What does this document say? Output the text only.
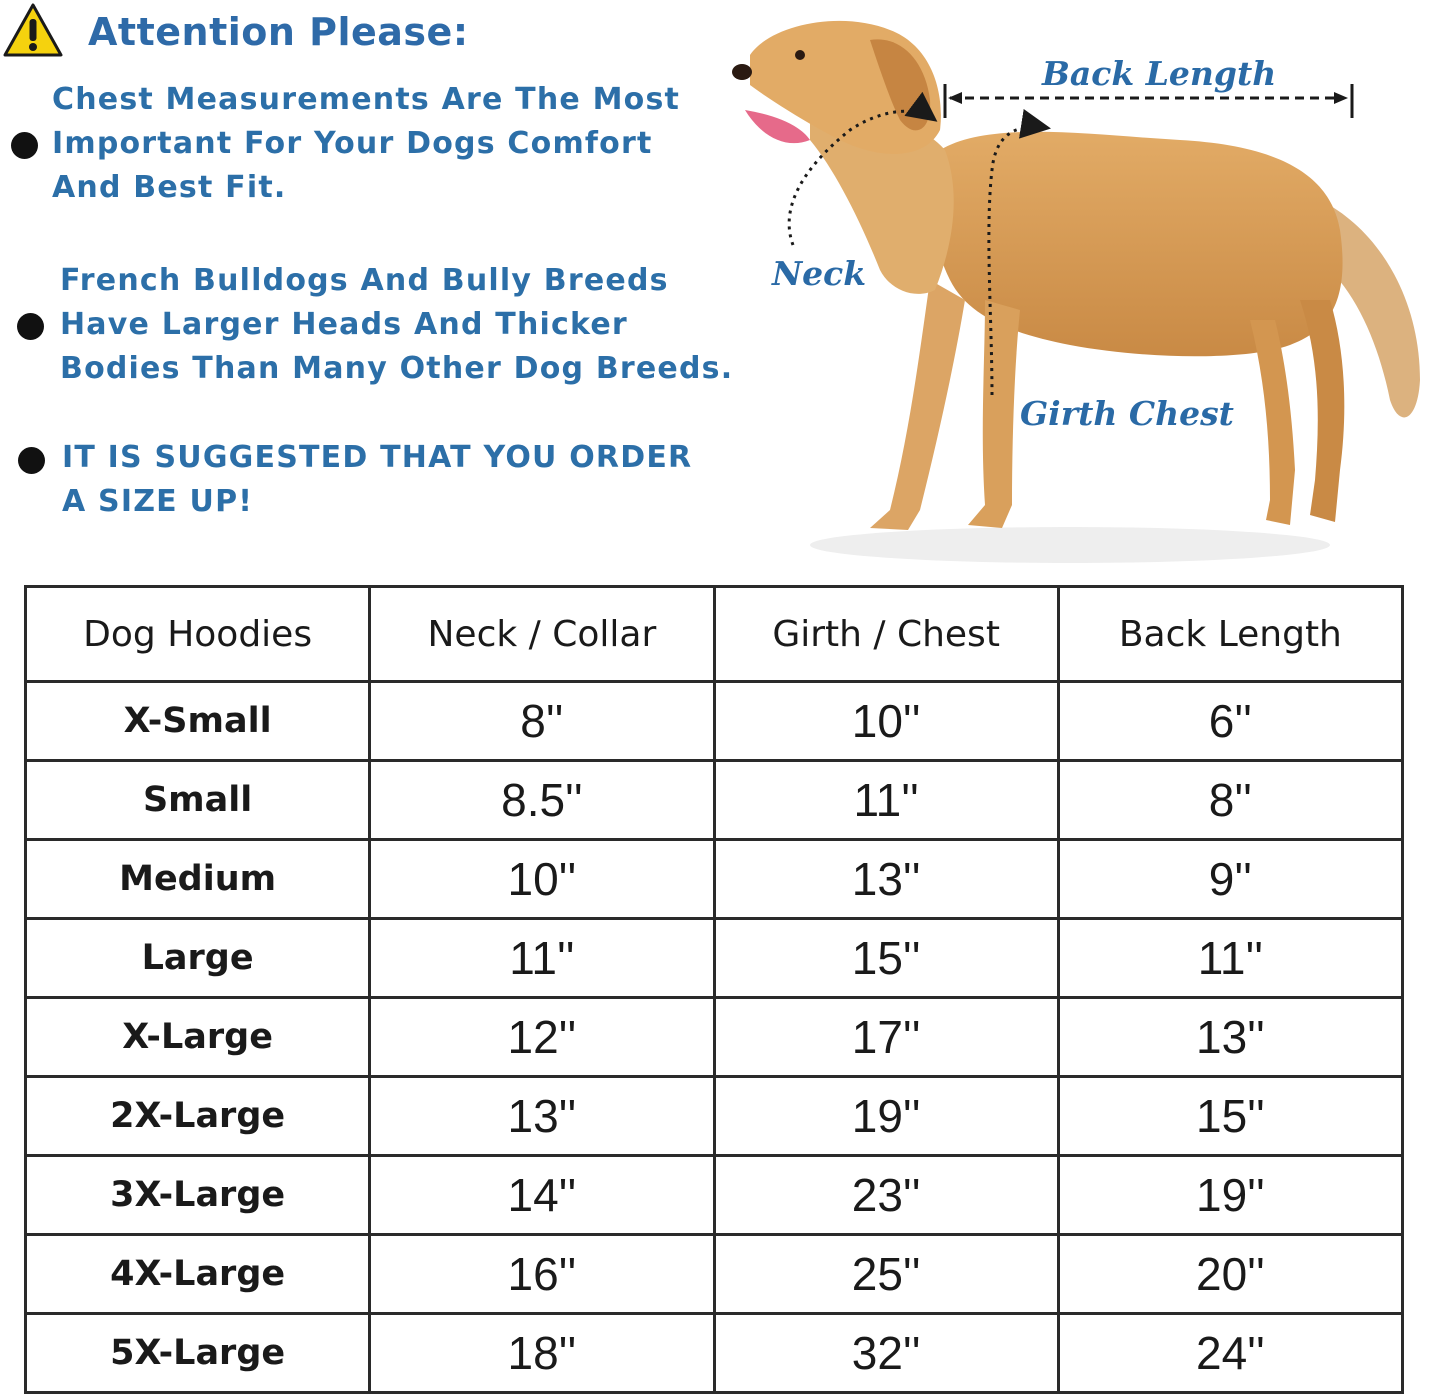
Attention Please:
Chest Measurements Are The Most
Important For Your Dogs Comfort
And Best Fit.
French Bulldogs And Bully Breeds
Have Larger Heads And Thicker
Bodies Than Many Other Dog Breeds.
IT IS SUGGESTED THAT YOU ORDER
A SIZE UP!
Back Length
Neck
Girth Chest
Dog Hoodies	Neck / Collar	Girth / Chest	Back Length
X-Small	8''	10''	6''
Small	8.5''	11''	8''
Medium	10''	13''	9''
Large	11''	15''	11''
X-Large	12''	17''	13''
2X-Large	13''	19''	15''
3X-Large	14''	23''	19''
4X-Large	16''	25''	20''
5X-Large	18''	32''	24''
